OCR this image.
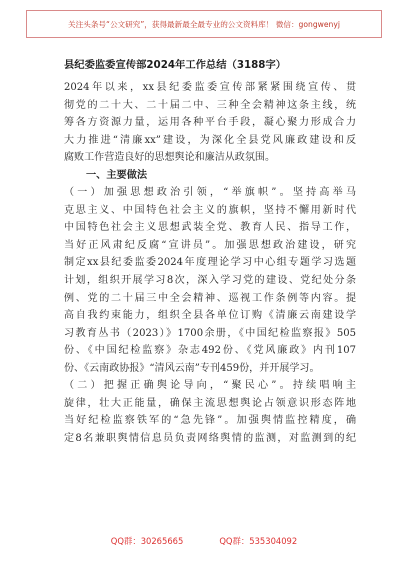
关注头条号“公文研究”，获得最新最全最专业的公文资料库！ 微信：gongwenyj
县纪委监委宣传部2024年工作总结（3188字）
2024年以来，xx县纪委监委宣传部紧紧围绕宣传、贯
彻党的二十大、二十届二中、三种全会精神这条主线，统
筹各方资源力量，运用各种平台手段，凝心聚力形成合力
大力推进“清廉xx”建设，为深化全县党风廉政建设和反
腐败工作营造良好的思想舆论和廉洁从政氛围。
一、主要做法
（一）加强思想政治引领，“举旗帜”。坚持高举马
克思主义、中国特色社会主义的旗帜，坚持不懈用新时代
中国特色社会主义思想武装全党、教育人民、指导工作，
当好正风肃纪反腐“宣讲员”。加强思想政治建设，研究
制定xx县纪委监委2024年度理论学习中心组专题学习选题
计划，组织开展学习8次，深入学习党的建设、党纪处分条
例、党的二十届三中全会精神、巡视工作条例等内容。提
高自我约束能力，组织全县各单位订购《清廉云南建设学
习教育丛书（2023）》1700余册，《中国纪检监察报》505
份、《中国纪检监察》杂志492份、《党风廉政》内刊107
份、《云南政协报》“清风云南”专刊459份，并开展学习。
（二）把握正确舆论导向，“聚民心”。持续唱响主
旋律，壮大正能量，确保主流思想舆论占领意识形态阵地
当好纪检监察铁军的“急先锋”。加强舆情监控精度，确
定8名兼职舆情信息员负责网络舆情的监测，对监测到的纪
QQ群：30265665	QQ群：535304092
